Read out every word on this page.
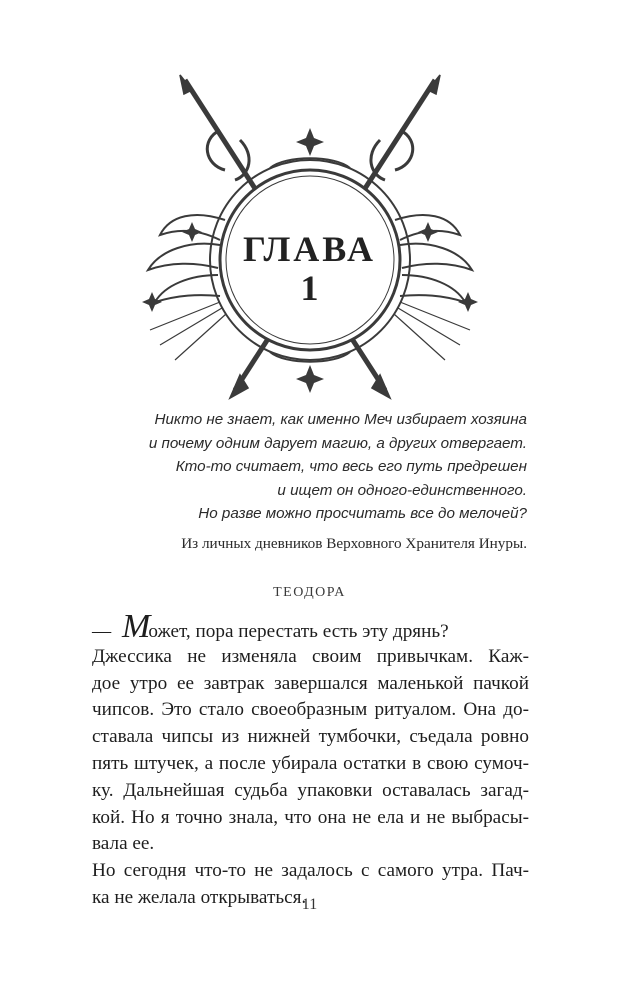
ГЛАВА
1
Никто не знает, как именно Меч избирает хозяина
и почему одним дарует магию, а других отвергает.
Кто-то считает, что весь его путь предрешен
и ищет он одного-единственного.
Но разве можно просчитать все до мелочей?
Из личных дневников Верховного Хранителя Инуры.
ТЕОДОРА
— Может, пора перестать есть эту дрянь?
Джессика не изменяла своим привычкам. Каж-
дое утро ее завтрак завершался маленькой пачкой
чипсов. Это стало своеобразным ритуалом. Она до-
ставала чипсы из нижней тумбочки, съедала ровно
пять штучек, а после убирала остатки в свою сумоч-
ку. Дальнейшая судьба упаковки оставалась загад-
кой. Но я точно знала, что она не ела и не выбрасы-
вала ее.
Но сегодня что-то не задалось с самого утра. Пач-
ка не желала открываться.
11
